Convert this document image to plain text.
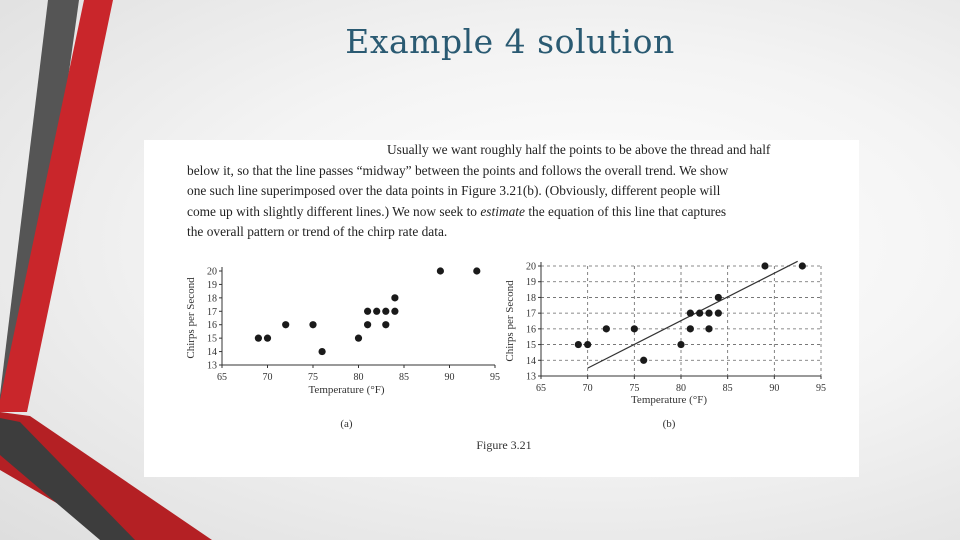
Example 4 solution
Usually we want roughly half the points to be above the thread and half
below it, so that the line passes “midway” between the points and follows the overall trend. We show
one such line superimposed over the data points in Figure 3.21(b). (Obviously, different people will
come up with slightly different lines.) We now seek to estimate the equation of this line that captures
the overall pattern or trend of the chirp rate data.
Figure 3.21
13
14
15
16
17
18
19
20
65	70	75	80	85	90	95
Temperature (°F)
Chirps per Second
(a)
13
14
15
16
17
18
19
20
65	70	75	80	85	90	95
Temperature (°F)
Chirps per Second
(b)
